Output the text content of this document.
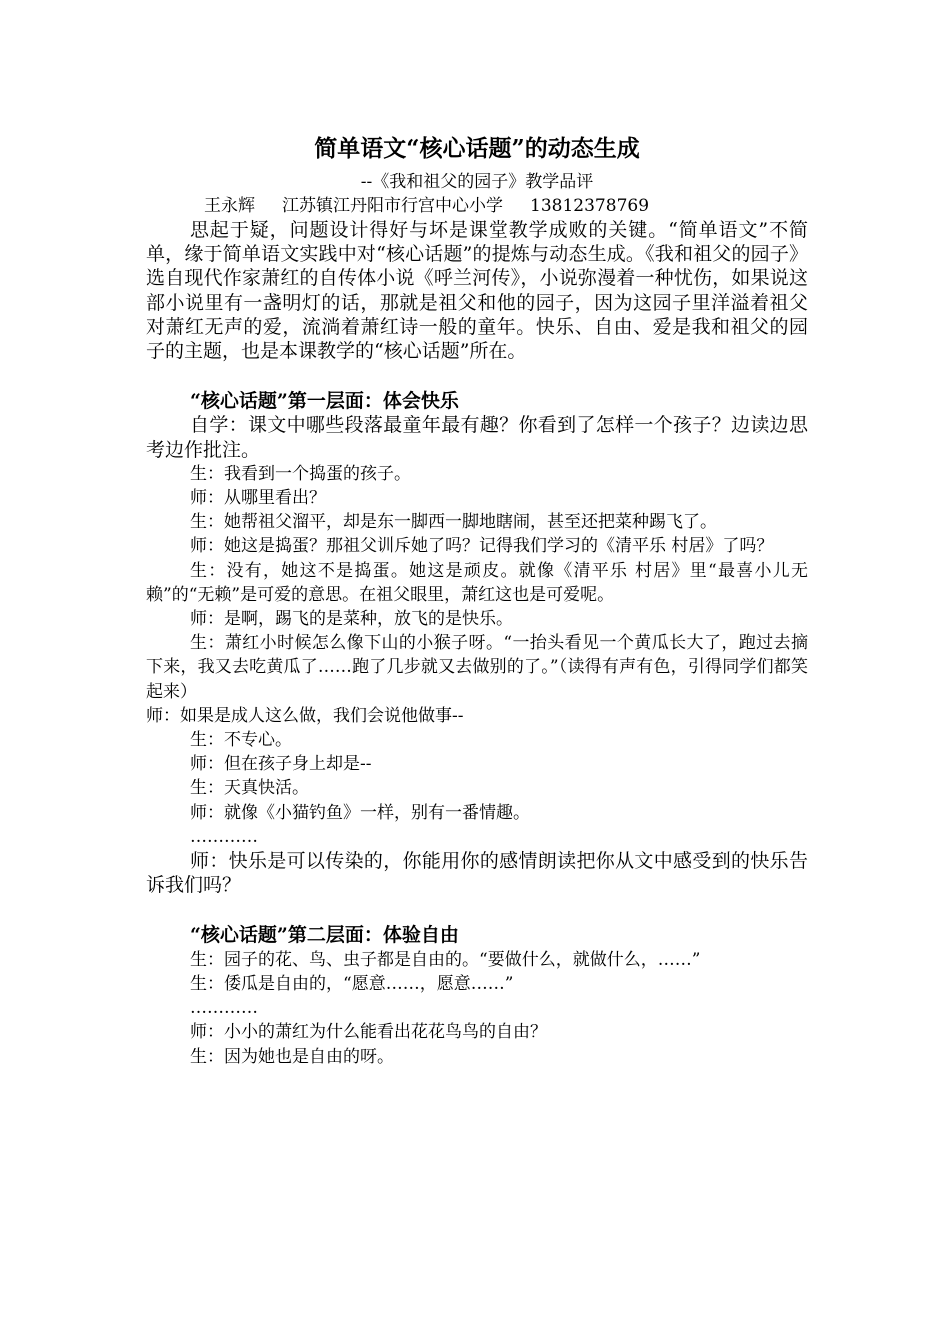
简单语文“核心话题”的动态生成

--《我和祖父的园子》教学品评

王永辉     江苏镇江丹阳市行宫中心小学     13812378769

思起于疑，问题设计得好与坏是课堂教学成败的关键。“简单语文”不简单，缘于简单语文实践中对“核心话题”的提炼与动态生成。《我和祖父的园子》选自现代作家萧红的自传体小说《呼兰河传》，小说弥漫着一种忧伤，如果说这部小说里有一盏明灯的话，那就是祖父和他的园子，因为这园子里洋溢着祖父对萧红无声的爱，流淌着萧红诗一般的童年。快乐、自由、爱是我和祖父的园子的主题，也是本课教学的“核心话题”所在。

“核心话题”第一层面：体会快乐

自学：课文中哪些段落最童年最有趣？你看到了怎样一个孩子？边读边思考边作批注。

生：我看到一个捣蛋的孩子。

师：从哪里看出？

生：她帮祖父溜平，却是东一脚西一脚地瞎闹，甚至还把菜种踢飞了。

师：她这是捣蛋？那祖父训斥她了吗？记得我们学习的《清平乐 村居》了吗？

生：没有，她这不是捣蛋。她这是顽皮。就像《清平乐 村居》里“最喜小儿无赖”的“无赖”是可爱的意思。在祖父眼里，萧红这也是可爱呢。

师：是啊，踢飞的是菜种，放飞的是快乐。

生：萧红小时候怎么像下山的小猴子呀。“一抬头看见一个黄瓜长大了，跑过去摘下来，我又去吃黄瓜了……跑了几步就又去做别的了。”（读得有声有色，引得同学们都笑起来）

师：如果是成人这么做，我们会说他做事--

生：不专心。

师：但在孩子身上却是--

生：天真快活。

师：就像《小猫钓鱼》一样，别有一番情趣。

…………

师：快乐是可以传染的，你能用你的感情朗读把你从文中感受到的快乐告诉我们吗？

“核心话题”第二层面：体验自由

生：园子的花、鸟、虫子都是自由的。“要做什么，就做什么，……”

生：倭瓜是自由的，“愿意……，愿意……”

…………

师：小小的萧红为什么能看出花花鸟鸟的自由？

生：因为她也是自由的呀。
